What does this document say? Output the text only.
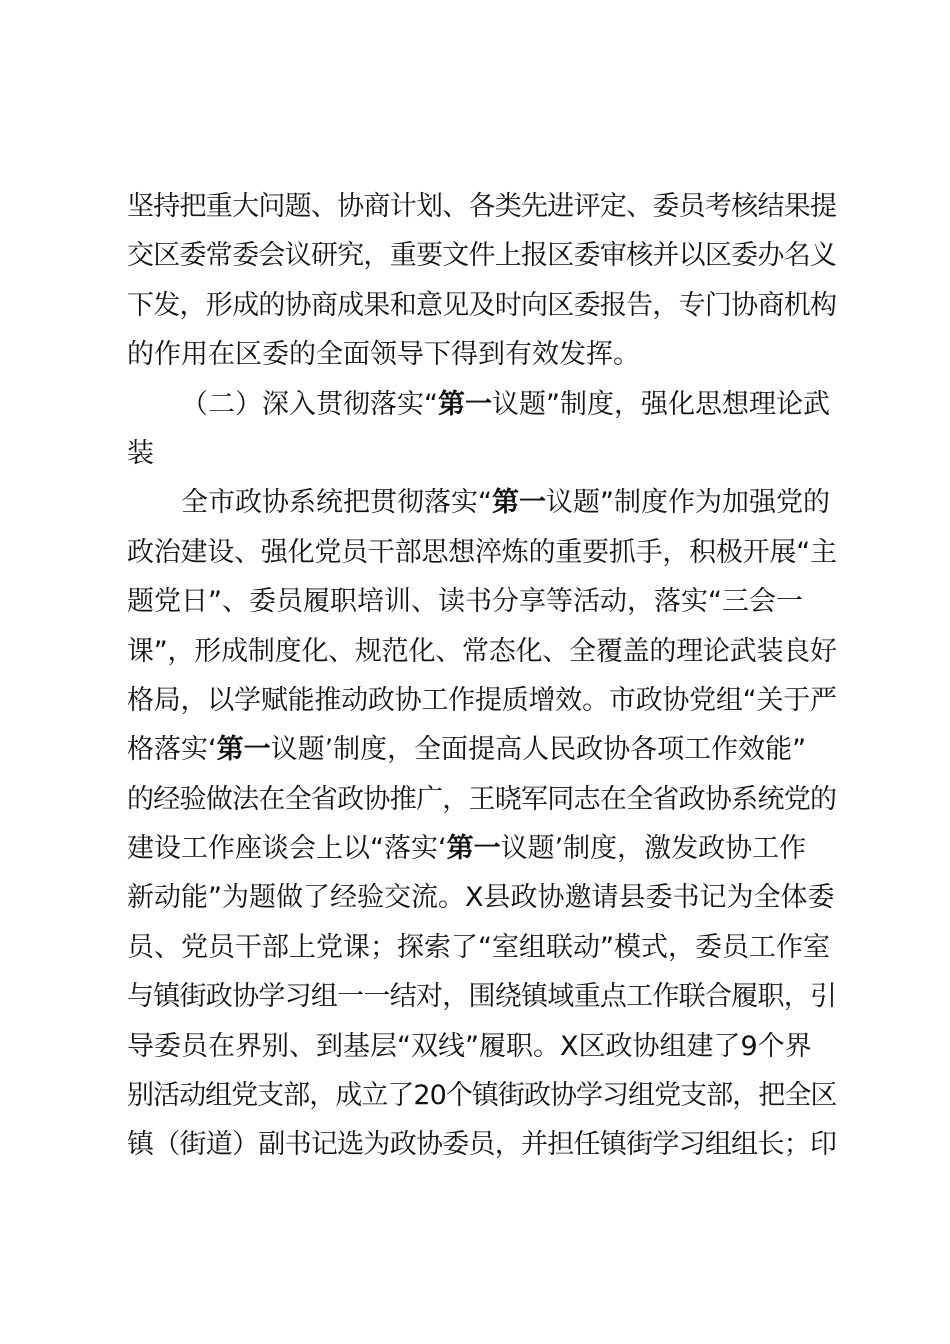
坚持把重大问题、协商计划、各类先进评定、委员考核结果提
交区委常委会议研究，重要文件上报区委审核并以区委办名义
下发，形成的协商成果和意见及时向区委报告，专门协商机构
的作用在区委的全面领导下得到有效发挥。
（二）深入贯彻落实“第一议题”制度，强化思想理论武
装
全市政协系统把贯彻落实“第一议题”制度作为加强党的
政治建设、强化党员干部思想淬炼的重要抓手，积极开展“主
题党日”、委员履职培训、读书分享等活动，落实“三会一
课”，形成制度化、规范化、常态化、全覆盖的理论武装良好
格局，以学赋能推动政协工作提质增效。市政协党组“关于严
格落实‘第一议题’制度，全面提高人民政协各项工作效能”
的经验做法在全省政协推广，王晓军同志在全省政协系统党的
建设工作座谈会上以“落实‘第一议题’制度，激发政协工作
新动能”为题做了经验交流。X县政协邀请县委书记为全体委
员、党员干部上党课；探索了“室组联动”模式，委员工作室
与镇街政协学习组一一结对，围绕镇域重点工作联合履职，引
导委员在界别、到基层“双线”履职。X区政协组建了9个界
别活动组党支部，成立了20个镇街政协学习组党支部，把全区
镇（街道）副书记选为政协委员，并担任镇街学习组组长；印
